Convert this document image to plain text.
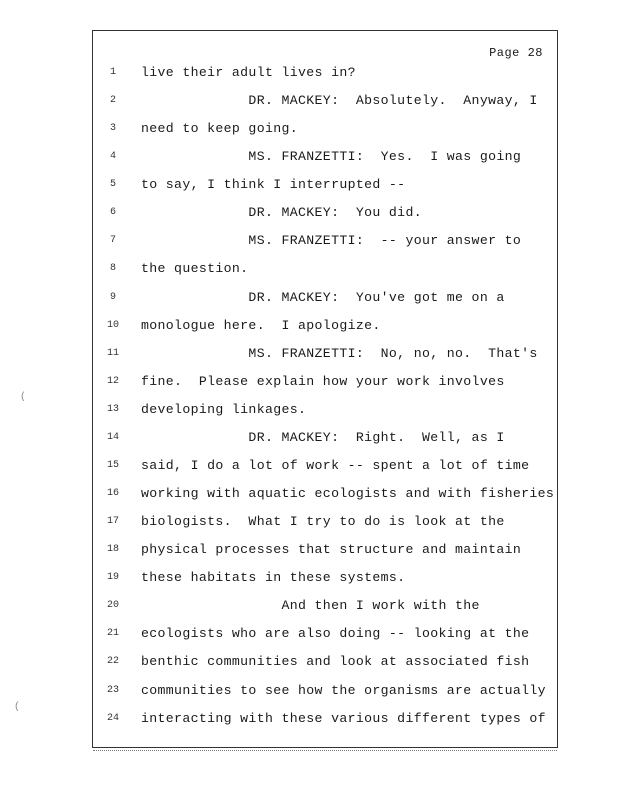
Page 28
1	live their adult lives in?
2	DR. MACKEY:  Absolutely.  Anyway, I
3	need to keep going.
4	MS. FRANZETTI:  Yes.  I was going
5	to say, I think I interrupted --
6	DR. MACKEY:  You did.
7	MS. FRANZETTI:  -- your answer to
8	the question.
9	DR. MACKEY:  You've got me on a
10	monologue here.  I apologize.
11	MS. FRANZETTI:  No, no, no.  That's
12	fine.  Please explain how your work involves
13	developing linkages.
14	DR. MACKEY:  Right.  Well, as I
15	said, I do a lot of work -- spent a lot of time
16	working with aquatic ecologists and with fisheries
17	biologists.  What I try to do is look at the
18	physical processes that structure and maintain
19	these habitats in these systems.
20	And then I work with the
21	ecologists who are also doing -- looking at the
22	benthic communities and look at associated fish
23	communities to see how the organisms are actually
24	interacting with these various different types of
(
(
